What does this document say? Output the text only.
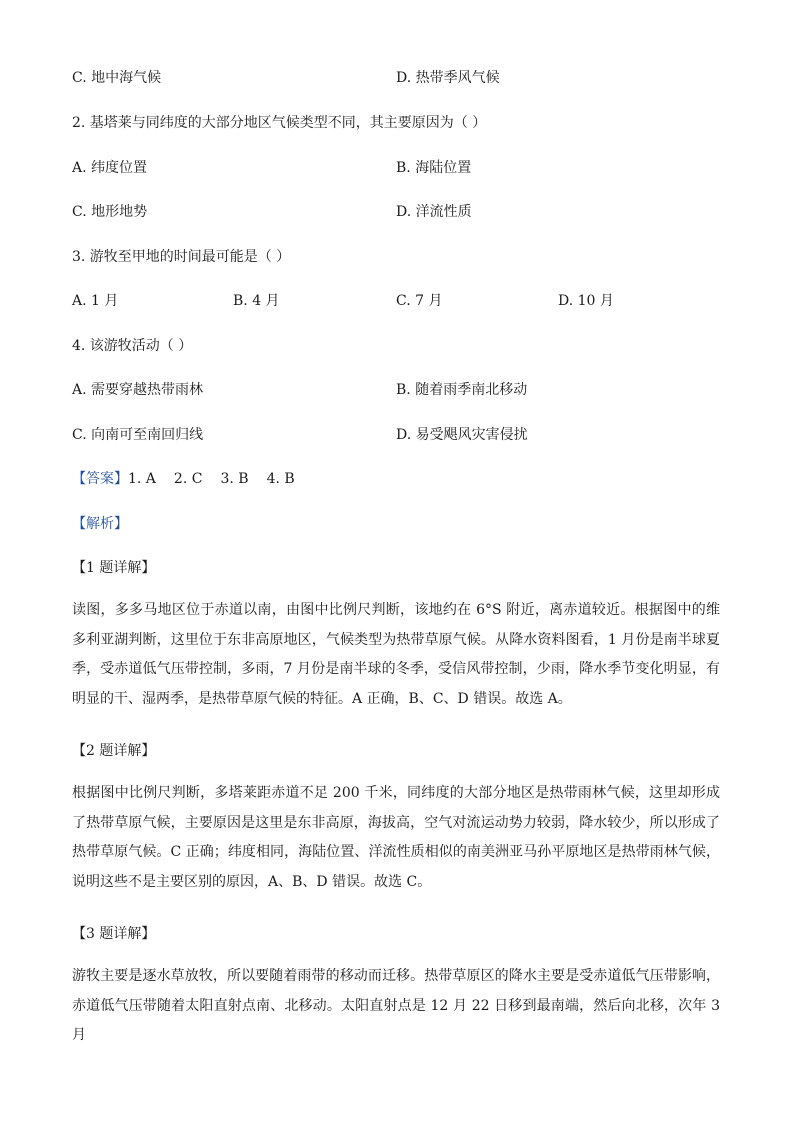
C. 地中海气候	D. 热带季风气候
2. 基塔莱与同纬度的大部分地区气候类型不同，其主要原因为（ ）
A. 纬度位置	B. 海陆位置
C. 地形地势	D. 洋流性质
3. 游牧至甲地的时间最可能是（ ）
A. 1 月	B. 4 月	C. 7 月	D. 10 月
4. 该游牧活动（ ）
A. 需要穿越热带雨林	B. 随着雨季南北移动
C. 向南可至南回归线	D. 易受飓风灾害侵扰
【答案】1. A 2. C 3. B 4. B
【解析】
【1 题详解】
读图，多多马地区位于赤道以南，由图中比例尺判断，该地约在 6°S 附近，离赤道较近。根据图中的维多利亚湖判断，这里位于东非高原地区，气候类型为热带草原气候。从降水资料图看，1 月份是南半球夏季，受赤道低气压带控制，多雨，7 月份是南半球的冬季，受信风带控制，少雨，降水季节变化明显，有明显的干、湿两季，是热带草原气候的特征。A 正确，B、C、D 错误。故选 A。
【2 题详解】
根据图中比例尺判断，多塔莱距赤道不足 200 千米，同纬度的大部分地区是热带雨林气候，这里却形成了热带草原气候，主要原因是这里是东非高原，海拔高，空气对流运动势力较弱，降水较少，所以形成了热带草原气候。C 正确；纬度相同，海陆位置、洋流性质相似的南美洲亚马孙平原地区是热带雨林气候，说明这些不是主要区别的原因，A、B、D 错误。故选 C。
【3 题详解】
游牧主要是逐水草放牧，所以要随着雨带的移动而迁移。热带草原区的降水主要是受赤道低气压带影响，赤道低气压带随着太阳直射点南、北移动。太阳直射点是 12 月 22 日移到最南端，然后向北移，次年 3 月
